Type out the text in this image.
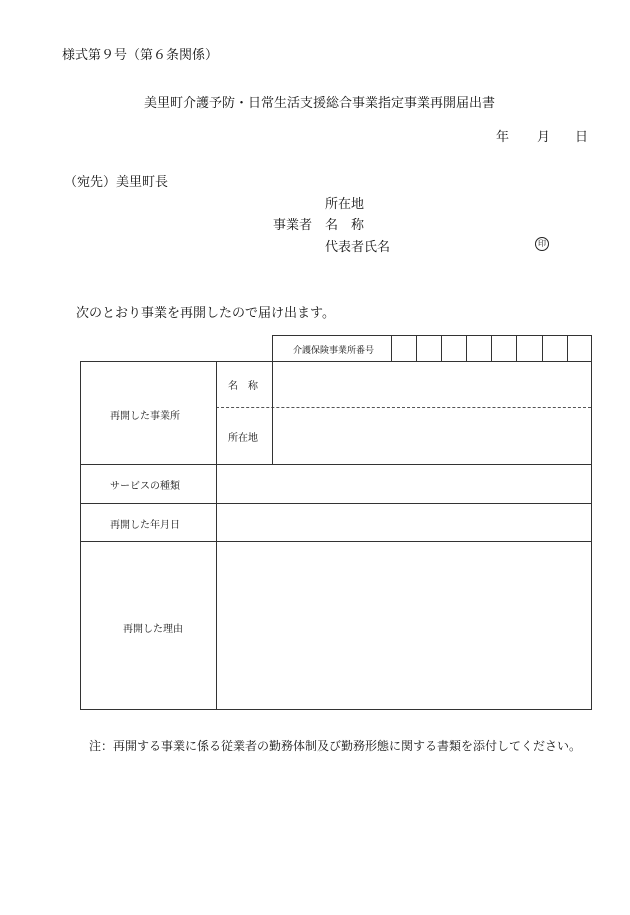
様式第９号（第６条関係）
美里町介護予防・日常生活支援総合事業指定事業再開届出書
年 月 日
（宛先）美里町長
所在地
事業者 名　称
代表者氏名	印
次のとおり事業を再開したので届け出ます。
介護保険事業所番号
再開した事業所
名　称
所在地
サービスの種類
再開した年月日
再開した理由
注：再開する事業に係る従業者の勤務体制及び勤務形態に関する書類を添付してください。
